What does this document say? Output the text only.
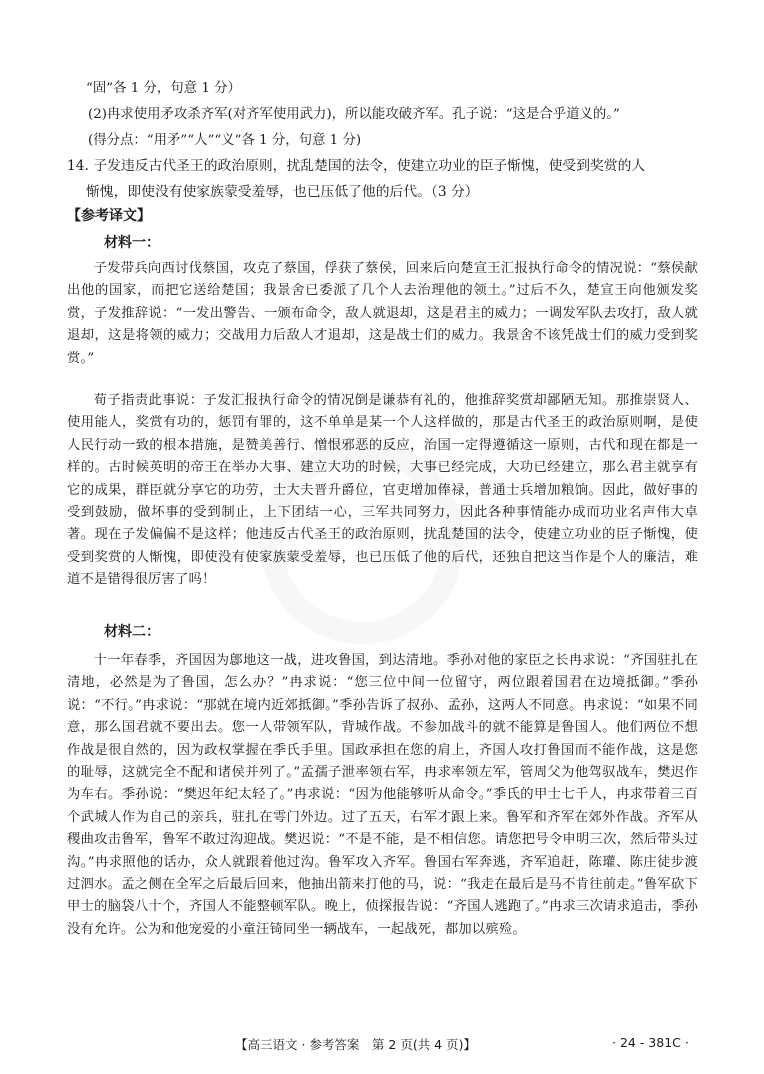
“固”各 1 分，句意 1 分）
(2)冉求使用矛攻杀齐军(对齐军使用武力)，所以能攻破齐军。孔子说：“这是合乎道义的。”
(得分点：“用矛”“人”“义”各 1 分，句意 1 分)
14. 子发违反古代圣王的政治原则，扰乱楚国的法令，使建立功业的臣子惭愧，使受到奖赏的人
惭愧，即使没有使家族蒙受羞辱，也已压低了他的后代。（3 分）
【参考译文】
材料一：
子发带兵向西讨伐蔡国，攻克了蔡国，俘获了蔡侯，回来后向楚宣王汇报执行命令的情况说：“蔡侯献出他的国家，而把它送给楚国；我景舍已委派了几个人去治理他的领土。”过后不久，楚宣王向他颁发奖赏，子发推辞说：“一发出警告、一颁布命令，敌人就退却，这是君主的威力；一调发军队去攻打，敌人就退却，这是将领的威力；交战用力后敌人才退却，这是战士们的威力。我景舍不该凭战士们的威力受到奖赏。”
荀子指责此事说：子发汇报执行命令的情况倒是谦恭有礼的，他推辞奖赏却鄙陋无知。那推崇贤人、使用能人，奖赏有功的，惩罚有罪的，这不单单是某一个人这样做的，那是古代圣王的政治原则啊，是使人民行动一致的根本措施，是赞美善行、憎恨邪恶的反应，治国一定得遵循这一原则，古代和现在都是一样的。古时候英明的帝王在举办大事、建立大功的时候，大事已经完成，大功已经建立，那么君主就享有它的成果，群臣就分享它的功劳，士大夫晋升爵位，官吏增加俸禄，普通士兵增加粮饷。因此，做好事的受到鼓励，做坏事的受到制止，上下团结一心，三军共同努力，因此各种事情能办成而功业名声伟大卓著。现在子发偏偏不是这样；他违反古代圣王的政治原则，扰乱楚国的法令，使建立功业的臣子惭愧，使受到奖赏的人惭愧，即使没有使家族蒙受羞辱，也已压低了他的后代，还独自把这当作是个人的廉洁，难道不是错得很厉害了吗！
材料二：
十一年春季，齐国因为鄎地这一战，进攻鲁国，到达清地。季孙对他的家臣之长冉求说：“齐国驻扎在清地，必然是为了鲁国，怎么办？”冉求说：“您三位中间一位留守，两位跟着国君在边境抵御。”季孙说：“不行。”冉求说：“那就在境内近郊抵御。”季孙告诉了叔孙、孟孙，这两人不同意。冉求说：“如果不同意，那么国君就不要出去。您一人带领军队，背城作战。不参加战斗的就不能算是鲁国人。他们两位不想作战是很自然的，因为政权掌握在季氏手里。国政承担在您的肩上，齐国人攻打鲁国而不能作战，这是您的耻辱，这就完全不配和诸侯并列了。”孟孺子泄率领右军，冉求率领左军，管周父为他驾驭战车，樊迟作为车右。季孙说：“樊迟年纪太轻了。”冉求说：“因为他能够听从命令。”季氏的甲士七千人，冉求带着三百个武城人作为自己的亲兵，驻扎在雩门外边。过了五天，右军才跟上来。鲁军和齐军在郊外作战。齐军从稷曲攻击鲁军，鲁军不敢过沟迎战。樊迟说：“不是不能，是不相信您。请您把号令申明三次，然后带头过沟。”冉求照他的话办，众人就跟着他过沟。鲁军攻入齐军。鲁国右军奔逃，齐军追赶，陈瓘、陈庄徒步渡过泗水。孟之侧在全军之后最后回来，他抽出箭来打他的马，说：“我走在最后是马不肯往前走。”鲁军砍下甲士的脑袋八十个，齐国人不能整顿军队。晚上，侦探报告说：“齐国人逃跑了。”冉求三次请求追击，季孙没有允许。公为和他宠爱的小童汪锜同坐一辆战车，一起战死，都加以殡殓。
【高三语文 · 参考答案　第 2 页(共 4 页)】	· 24 - 381C ·
